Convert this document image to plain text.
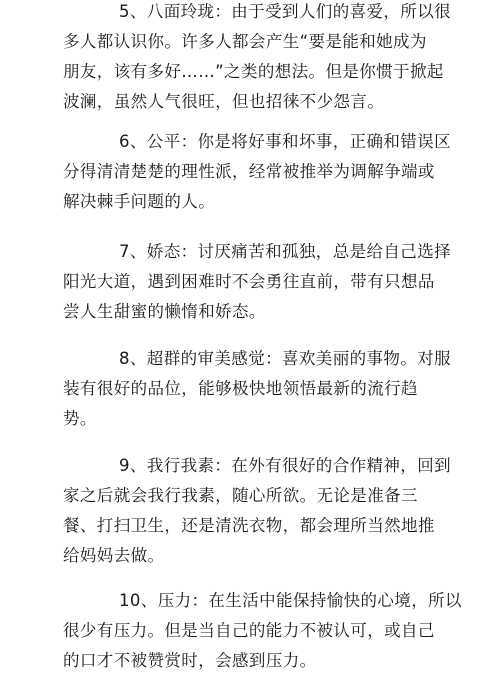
5、八面玲珑：由于受到人们的喜爱，所以很
多人都认识你。许多人都会产生“要是能和她成为
朋友，该有多好……”之类的想法。但是你惯于掀起
波澜，虽然人气很旺，但也招徕不少怨言。

6、公平：你是将好事和坏事，正确和错误区
分得清清楚楚的理性派，经常被推举为调解争端或
解决棘手问题的人。

7、娇态：讨厌痛苦和孤独，总是给自己选择
阳光大道，遇到困难时不会勇往直前，带有只想品
尝人生甜蜜的懒惰和娇态。

8、超群的审美感觉：喜欢美丽的事物。对服
装有很好的品位，能够极快地领悟最新的流行趋
势。

9、我行我素：在外有很好的合作精神，回到
家之后就会我行我素，随心所欲。无论是准备三
餐、打扫卫生，还是清洗衣物，都会理所当然地推
给妈妈去做。

10、压力：在生活中能保持愉快的心境，所以
很少有压力。但是当自己的能力不被认可，或自己
的口才不被赞赏时，会感到压力。
